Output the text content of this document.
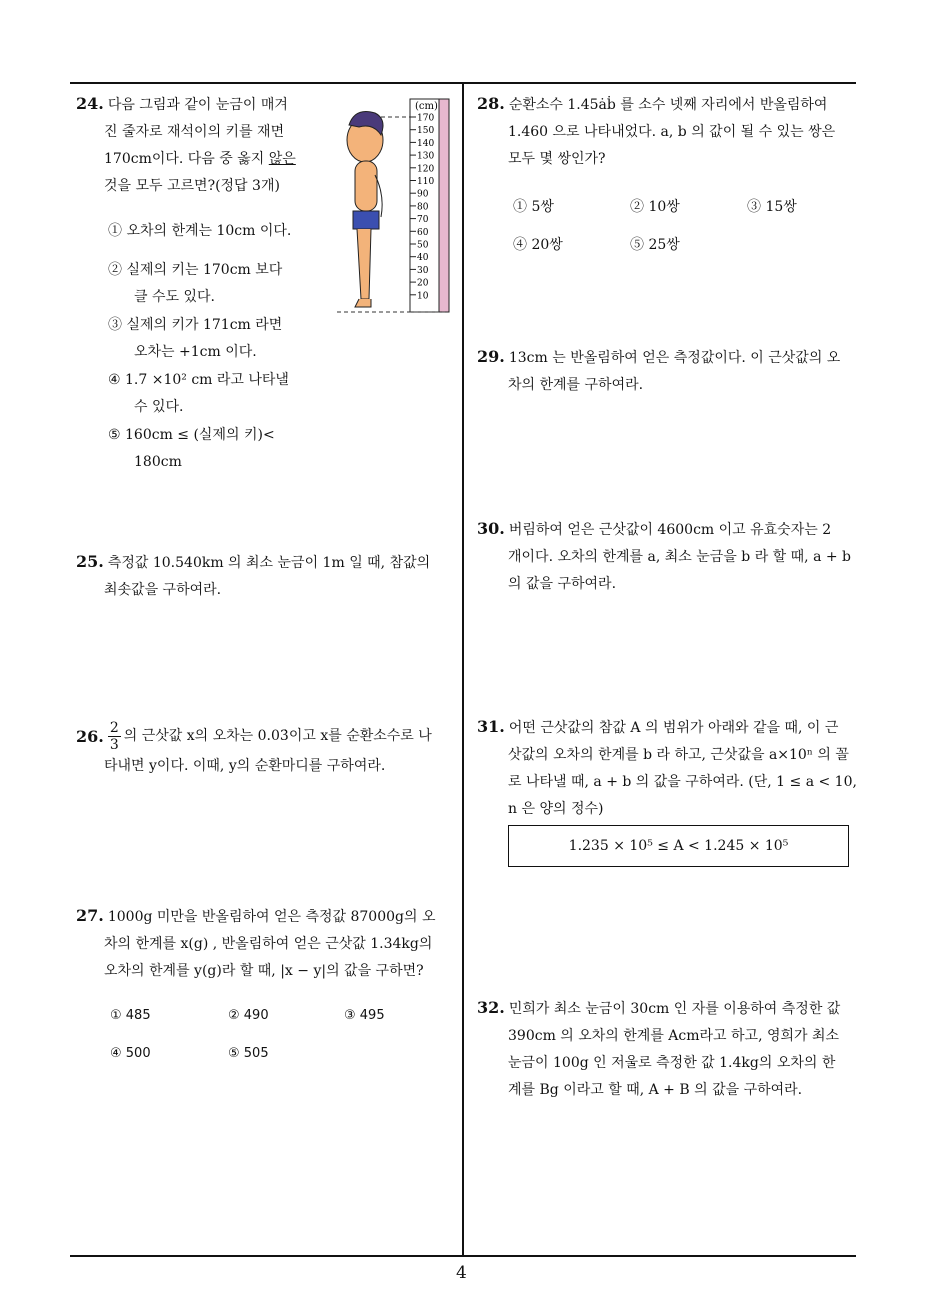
24. 다음 그림과 같이 눈금이 매겨

진 줄자로 재석이의 키를 재면

170cm이다. 다음 중 옳지 않은

것을 모두 고르면?(정답 3개)

① 오차의 한계는 10cm 이다.
② 실제의 키는 170cm 보다
클 수도 있다.
③ 실제의 키가 171cm 라면
오차는 +1cm 이다.
④ 1.7 ×10² cm 라고 나타낼
수 있다.
⑤ 160cm ≤ (실제의 키)<
180cm
(cm)
170
150
140
130
120
110
90
80
70
60
50
40
30
20
10

25. 측정값 10.540km 의 최소 눈금이 1m 일 때, 참값의

최솟값을 구하여라.

26. 2
3
의 근삿값 x의 오차는 0.03̇이고 x를 순환소수로 나

타내면 y이다. 이때, y의 순환마디를 구하여라.

27. 1000g 미만을 반올림하여 얻은 측정값 87000g의 오

차의 한계를 x(g) , 반올림하여 얻은 근삿값 1.34kg의

오차의 한계를 y(g)라 할 때, |x − y|의 값을 구하면?

① 485	② 490	③ 495
④ 500	⑤ 505

28. 순환소수 1.45ȧḃ 를 소수 넷째 자리에서 반올림하여

1.460 으로 나타내었다. a, b 의 값이 될 수 있는 쌍은

모두 몇 쌍인가?

① 5쌍	② 10쌍	③ 15쌍
④ 20쌍	⑤ 25쌍

29. 13cm 는 반올림하여 얻은 측정값이다. 이 근삿값의 오

차의 한계를 구하여라.

30. 버림하여 얻은 근삿값이 4600cm 이고 유효숫자는 2

개이다. 오차의 한계를 a, 최소 눈금을 b 라 할 때, a + b

의 값을 구하여라.

31. 어떤 근삿값의 참값 A 의 범위가 아래와 같을 때, 이 근

삿값의 오차의 한계를 b 라 하고, 근삿값을 a×10ⁿ 의 꼴

로 나타낼 때, a + b 의 값을 구하여라. (단, 1 ≤ a < 10,

n 은 양의 정수)

1.235 × 10⁵ ≤ A < 1.245 × 10⁵

32. 민희가 최소 눈금이 30cm 인 자를 이용하여 측정한 값

390cm 의 오차의 한계를 Acm라고 하고, 영희가 최소

눈금이 100g 인 저울로 측정한 값 1.4kg의 오차의 한

계를 Bg 이라고 할 때, A + B 의 값을 구하여라.

4
